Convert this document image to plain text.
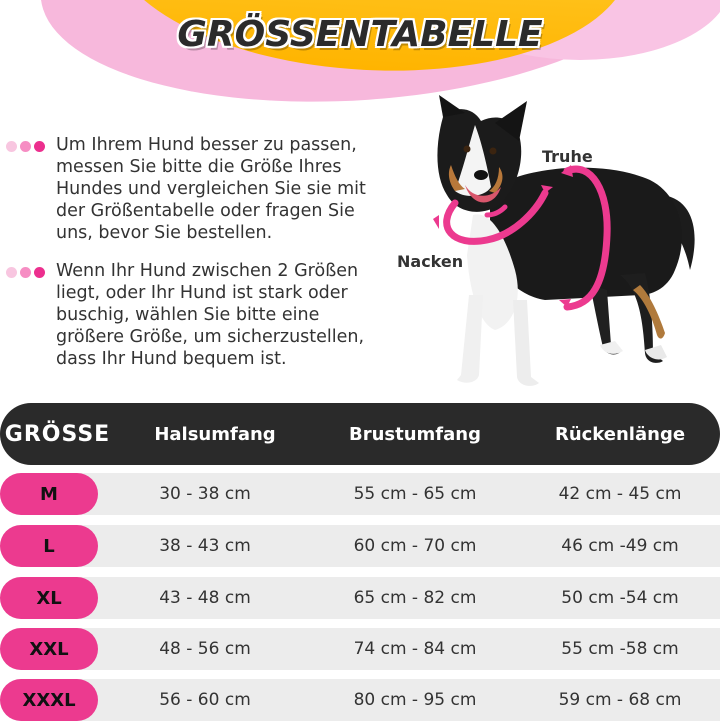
GRÖSSENTABELLE
Um Ihrem Hund besser zu passen, messen Sie bitte die Größe Ihres Hundes und vergleichen Sie sie mit der Größentabelle oder fragen Sie uns, bevor Sie bestellen.
Wenn Ihr Hund zwischen 2 Größen liegt, oder Ihr Hund ist stark oder buschig, wählen Sie bitte eine größere Größe, um sicherzustellen, dass Ihr Hund bequem ist.
Truhe
Nacken
GRÖSSE	Halsumfang	Brustumfang	Rückenlänge
M	30 - 38 cm	55 cm - 65 cm	42 cm - 45 cm
L	38 - 43 cm	60 cm - 70 cm	46 cm -49 cm
XL	43 - 48 cm	65 cm - 82 cm	50 cm -54 cm
XXL	48 - 56 cm	74 cm - 84 cm	55 cm -58 cm
XXXL	56 - 60 cm	80 cm - 95 cm	59 cm - 68 cm
